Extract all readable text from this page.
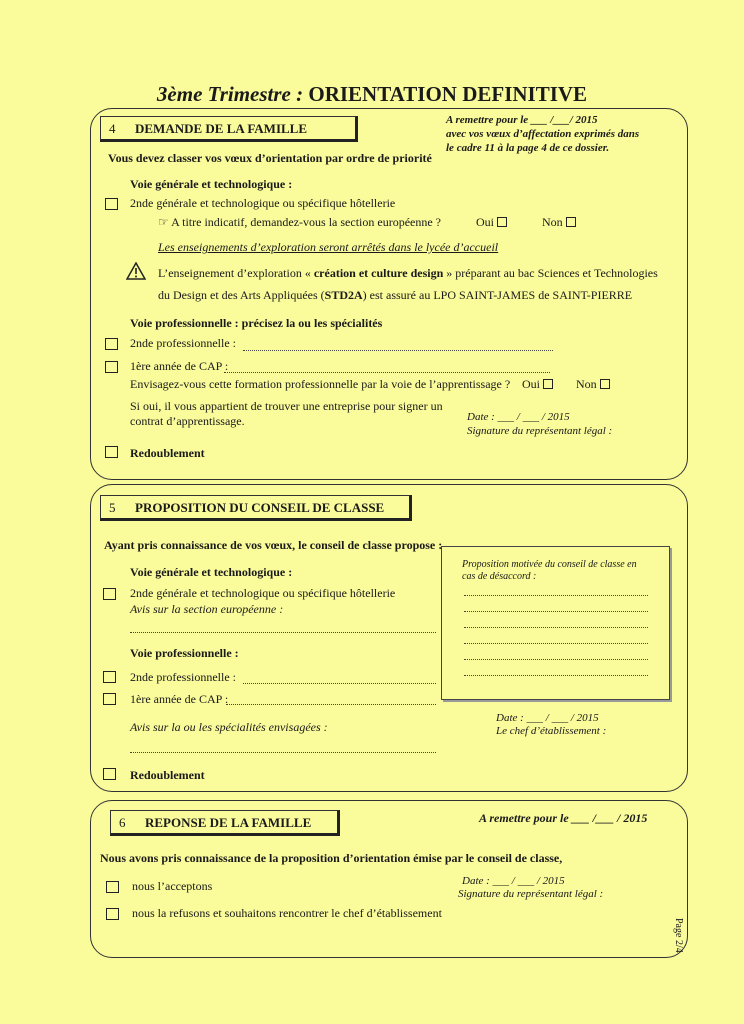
3ème Trimestre : ORIENTATION DEFINITIVE
4 DEMANDE DE LA FAMILLE
A remettre pour le ___ /___/ 2015
avec vos vœux d’affectation exprimés dans
le cadre 11 à la page 4 de ce dossier.
Vous devez classer vos vœux d’orientation par ordre de priorité
Voie générale et technologique :
2nde générale et technologique ou spécifique hôtellerie
☞ A titre indicatif, demandez-vous la section européenne ?	Oui	Non
Les enseignements d’exploration seront arrêtés dans le lycée d’accueil
L’enseignement d’exploration « création et culture design » préparant au bac Sciences et Technologies
du Design et des Arts Appliquées (STD2A) est assuré au LPO SAINT-JAMES de SAINT-PIERRE
Voie professionnelle : précisez la ou les spécialités
2nde professionnelle :
1ère année de CAP :
Envisagez-vous cette formation professionnelle par la voie de l’apprentissage ? Oui	Non
Si oui, il vous appartient de trouver une entreprise pour signer un
contrat d’apprentissage.	Date : ___ / ___ / 2015
Signature du représentant légal :
Redoublement
5 PROPOSITION DU CONSEIL DE CLASSE
Ayant pris connaissance de vos vœux, le conseil de classe propose :
Voie générale et technologique :
2nde générale et technologique ou spécifique hôtellerie
Avis sur la section européenne :
Voie professionnelle :
2nde professionnelle :
1ère année de CAP :
Avis sur la ou les spécialités envisagées :
Redoublement
Proposition motivée du conseil de classe en
cas de désaccord :
Date : ___ / ___ / 2015
Le chef d’établissement :
6 REPONSE DE LA FAMILLE	A remettre pour le ___ /___ / 2015
Nous avons pris connaissance de la proposition d’orientation émise par le conseil de classe,
nous l’acceptons
nous la refusons et souhaitons rencontrer le chef d’établissement
Date : ___ / ___ / 2015
Signature du représentant légal :
Page 2/4
